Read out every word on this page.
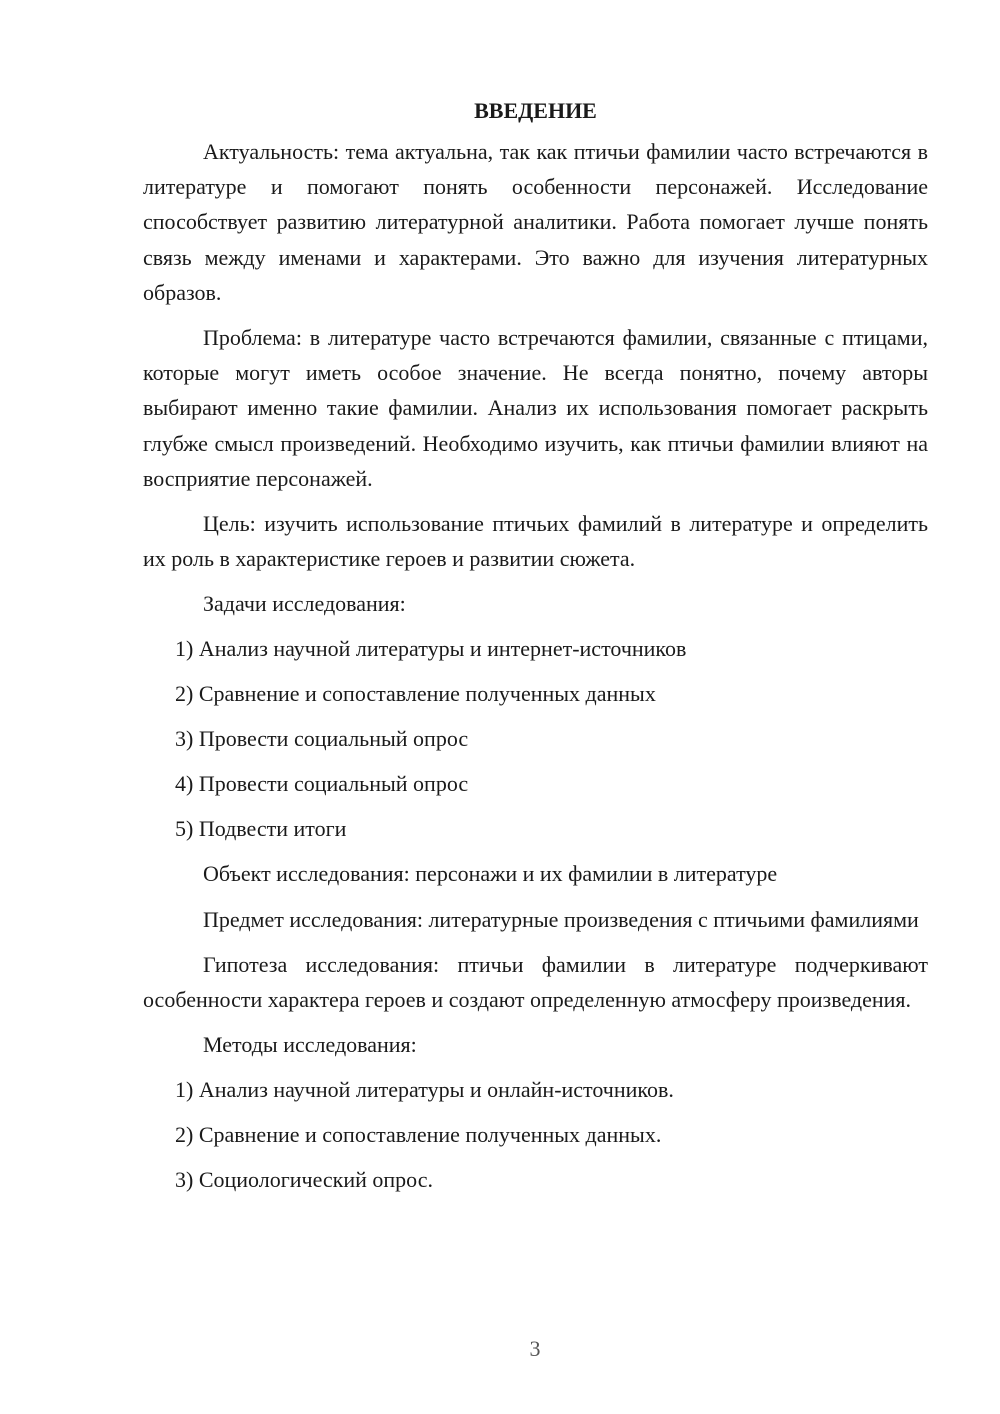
ВВЕДЕНИЕ

Актуальность: тема актуальна, так как птичьи фамилии часто встречаются в литературе и помогают понять особенности персонажей. Исследование способствует развитию литературной аналитики. Работа помогает лучше понять связь между именами и характерами. Это важно для изучения литературных образов.

Проблема: в литературе часто встречаются фамилии, связанные с птицами, которые могут иметь особое значение. Не всегда понятно, почему авторы выбирают именно такие фамилии. Анализ их использования помогает раскрыть глубже смысл произведений. Необходимо изучить, как птичьи фамилии влияют на восприятие персонажей.

Цель: изучить использование птичьих фамилий в литературе и определить их роль в характеристике героев и развитии сюжета.

Задачи исследования:

1) Анализ научной литературы и интернет-источников
2) Сравнение и сопоставление полученных данных
3) Провести социальный опрос
4) Провести социальный опрос
5) Подвести итоги

Объект исследования: персонажи и их фамилии в литературе

Предмет исследования: литературные произведения с птичьими фамилиями

Гипотеза исследования: птичьи фамилии в литературе подчеркивают особенности характера героев и создают определенную атмосферу произведения.

Методы исследования:

1) Анализ научной литературы и онлайн-источников.
2) Сравнение и сопоставление полученных данных.
3) Социологический опрос.
3
